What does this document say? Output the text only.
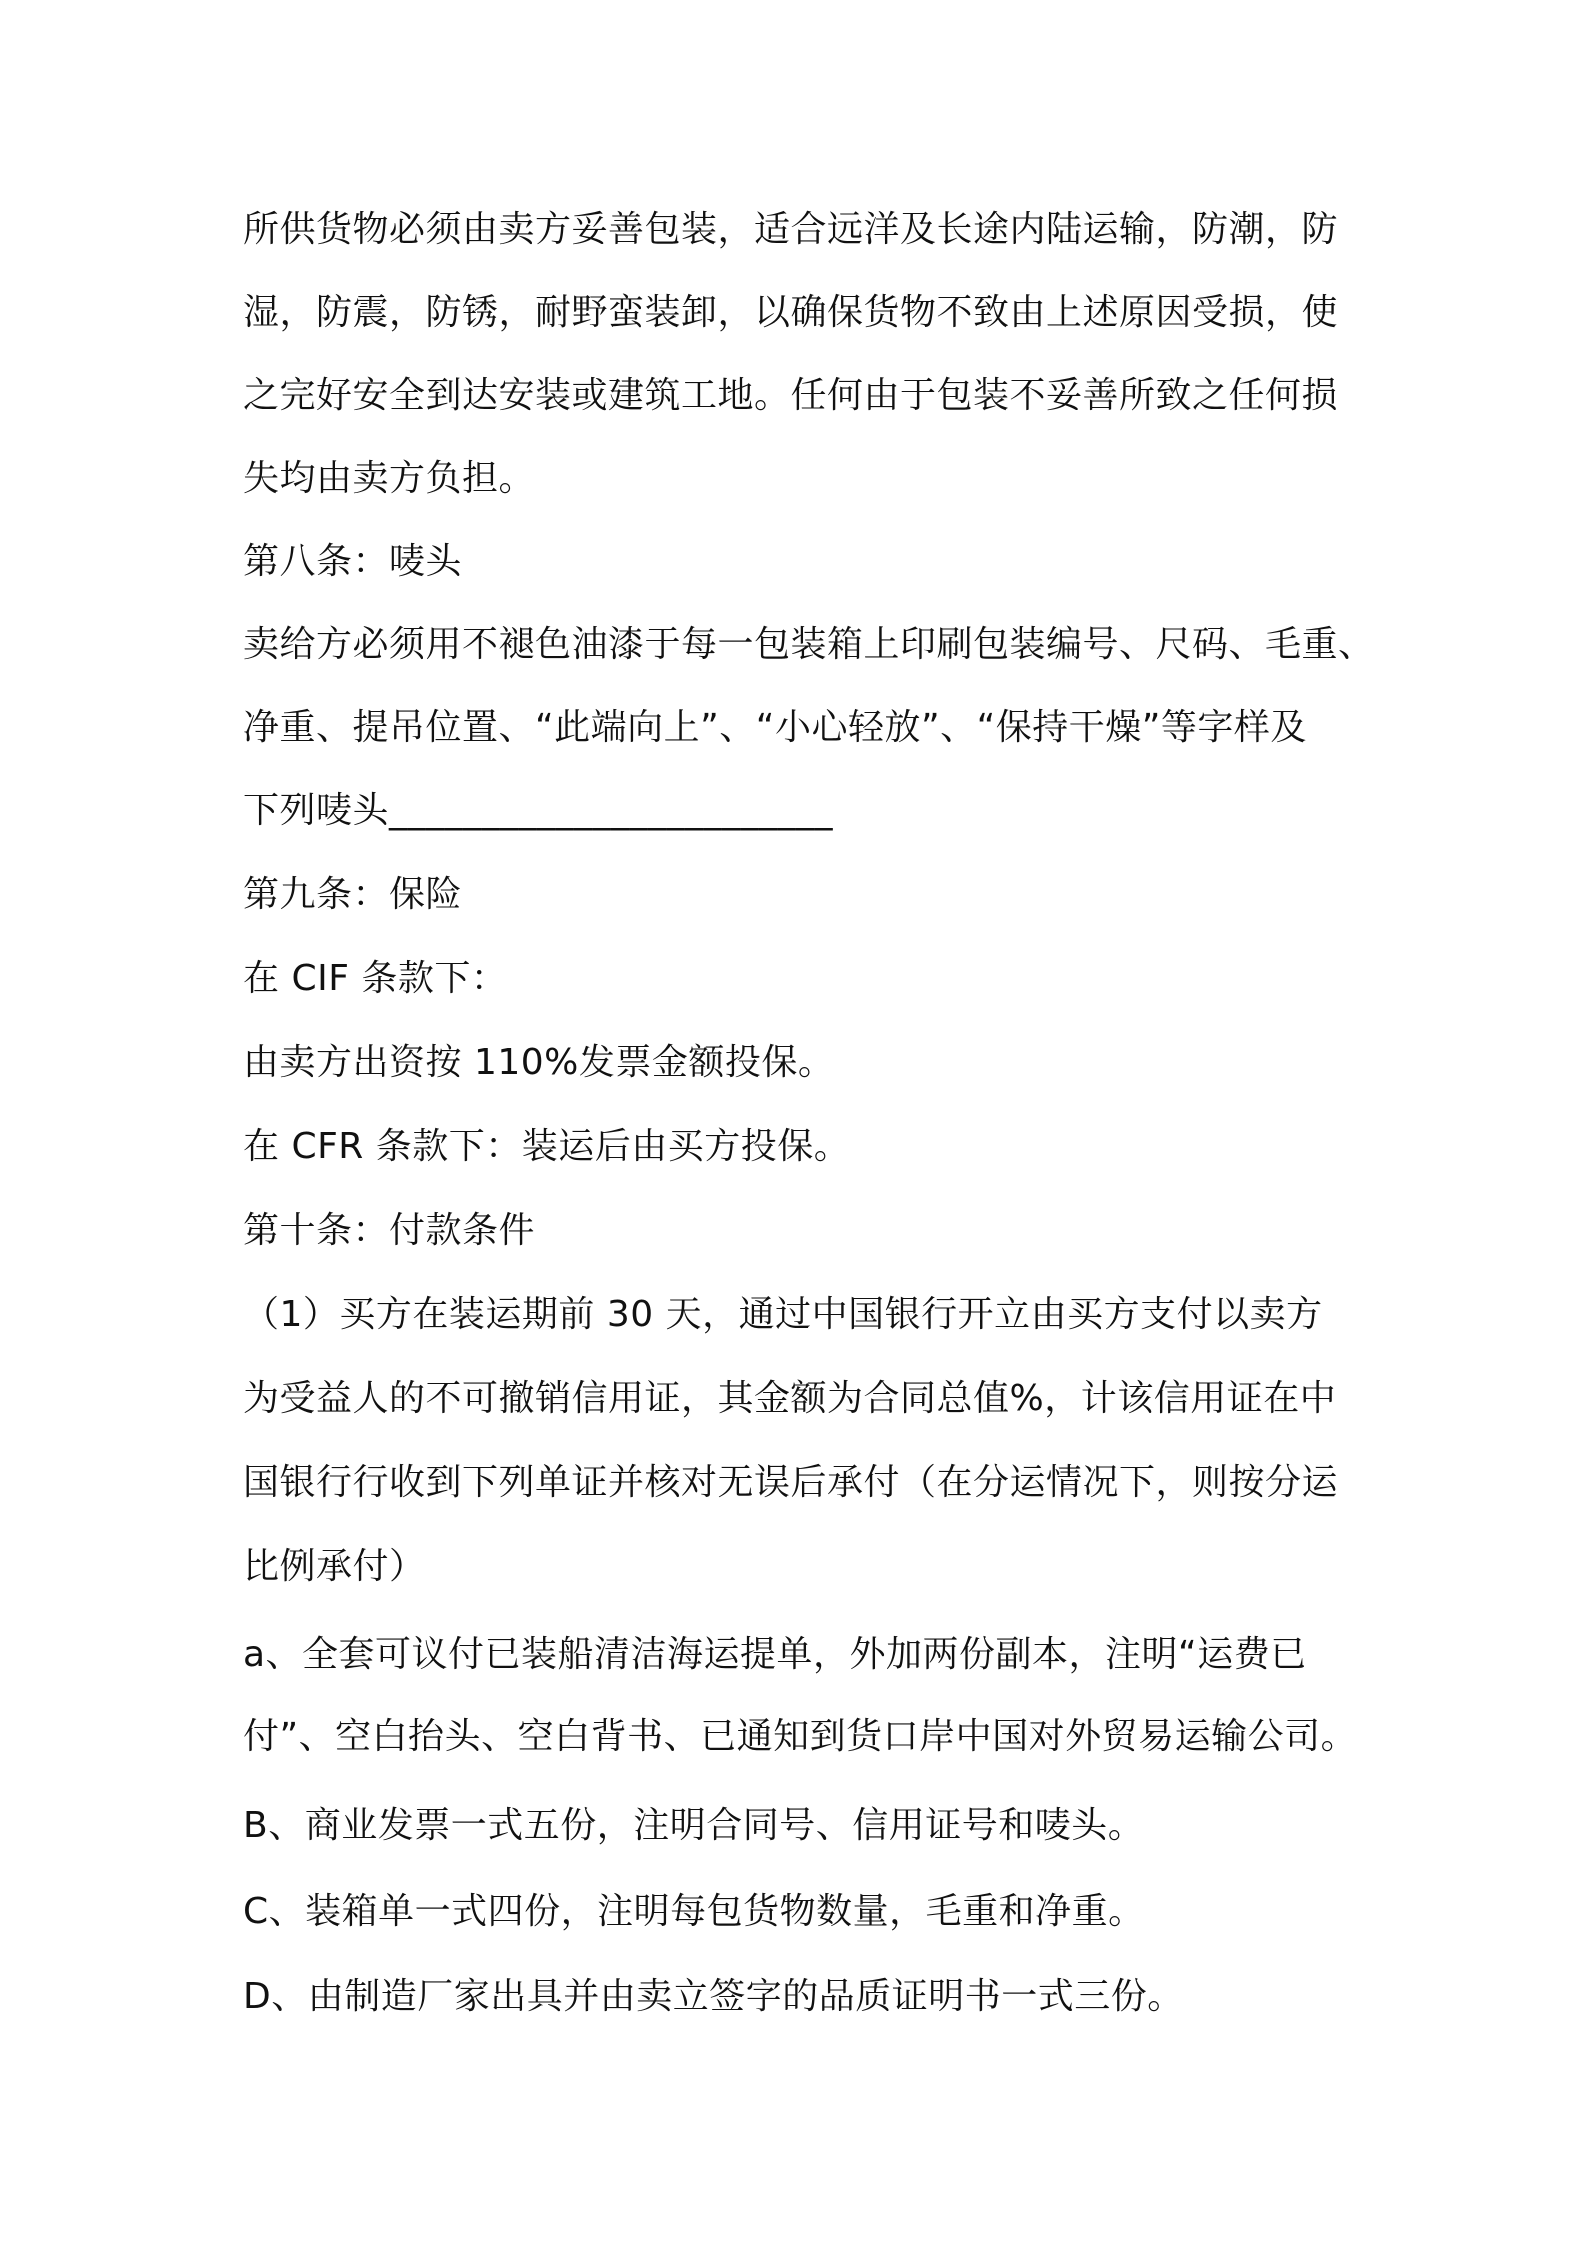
所供货物必须由卖方妥善包装，适合远洋及长途内陆运输，防潮，防
湿，防震，防锈，耐野蛮装卸，以确保货物不致由上述原因受损，使
之完好安全到达安装或建筑工地。任何由于包装不妥善所致之任何损
失均由卖方负担。
第八条：唛头
卖给方必须用不褪色油漆于每一包装箱上印刷包装编号、尺码、毛重、
净重、提吊位置、“此端向上”、“小心轻放”、“保持干燥”等字样及
下列唛头________________________
第九条：保险
在 CIF 条款下：
由卖方出资按 110%发票金额投保。
在 CFR 条款下：装运后由买方投保。
第十条：付款条件
（1）买方在装运期前 30 天，通过中国银行开立由买方支付以卖方
为受益人的不可撤销信用证，其金额为合同总值%，计该信用证在中
国银行行收到下列单证并核对无误后承付（在分运情况下，则按分运
比例承付）
a、全套可议付已装船清洁海运提单，外加两份副本，注明“运费已
付”、空白抬头、空白背书、已通知到货口岸中国对外贸易运输公司。
B、商业发票一式五份，注明合同号、信用证号和唛头。
C、装箱单一式四份，注明每包货物数量，毛重和净重。
D、由制造厂家出具并由卖立签字的品质证明书一式三份。
